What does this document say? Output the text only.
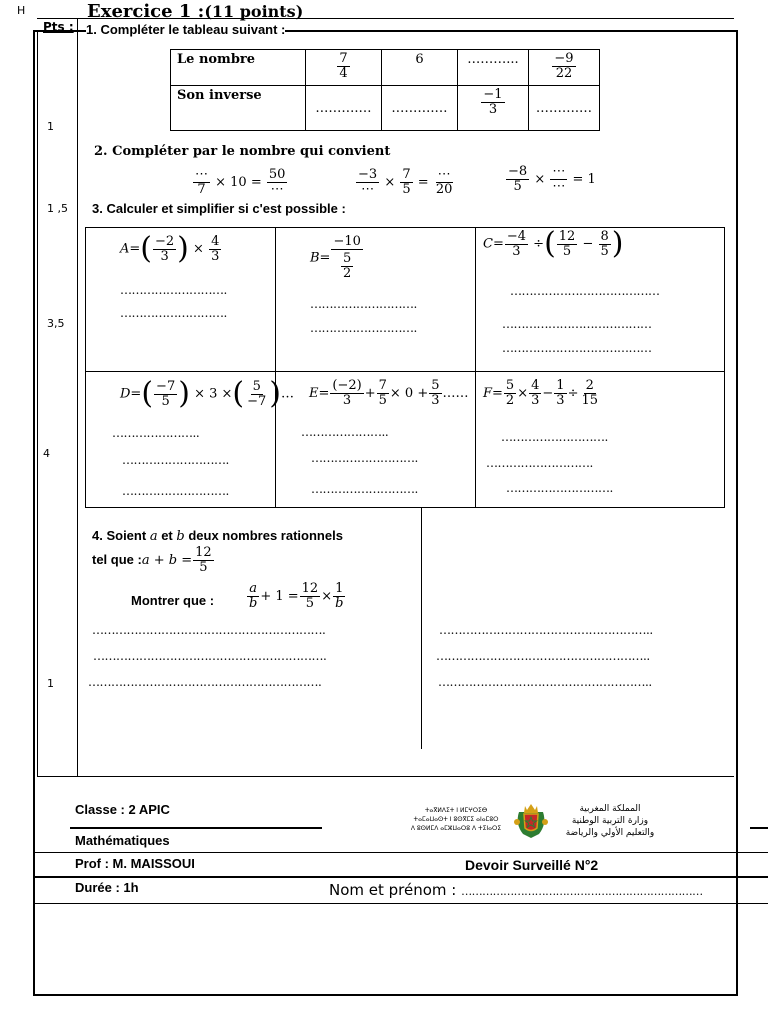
H
Pts :
Exercice 1 :(11 points)
1
1 ,5
3,5
4
1
1. Compléter le tableau suivant :
Le nombre	$\frac{7}{4}$	6	………...	$\frac{-9}{22}$

Son inverse	……….…	……….…	$\frac{-1}{3}$	……….…
2. Compléter par le nombre qui convient
$\frac{\cdots}{7} \times 10 = \frac{50}{\cdots}$	$\frac{-3}{\cdots} \times \frac{7}{5} = \frac{\cdots}{20}$	$\frac{-8}{5} \times \frac{\cdots}{\cdots} = 1$
3. Calculer et simplifier si c'est possible :
$A=( \frac{-2}{3}$ ) × $\frac{4}{3}$
……………………….
……………………….
$B= \frac{-10}{\frac{5}{2}}$
……………………….
……………………….
$C= \frac{-4}{3}$ ÷( $\frac{12}{5} - \frac{8}{5}$ )
…………………………………
…………………………………
…………………………………
$D=( \frac{-7}{5}$ ) × 3 ×( $\frac{5}{-7}$ )…
…………………..
……………………….
……………………….
$E= \frac{(-2)}{3} + \frac{7}{5} \times 0 + \frac{5}{3}$ ……
…………………..
……………………….
……………………….
$F= \frac{5}{2} \times \frac{4}{3} - \frac{1}{3} \div \frac{2}{15}$
……………………….
……………………….
……………………….
4. Soient a et b deux nombres rationnels
tel que :a + $b = \frac{12}{5}$
Montrer que :	$\frac{a}{b} + 1 = \frac{12}{5} \times \frac{1}{b}$
…………………………………………………….
…………………………………………………….
…………………………………………………….
………………………………………………..
………………………………………………..
………………………………………………..
Classe : 2 APIC
Mathématiques
Prof : M. MAISSOUI	Devoir Surveillé N°2
Durée : 1h	Nom et prénom : ……………………………………………………………
ⵜⴰⴳⵍⴷⵉⵜ ⵏ ⵍⵎⵖⵔⵉⴱ
ⵜⴰⵎⴰⵡⴰⵙⵜ ⵏ ⵓⵙⴳⵎⵉ ⴰⵏⴰⵎⵓⵔ
ⴷ ⵓⵙⵍⵎⴷ ⴰⵎⵣⵡⴰⵔⵓ ⴷ ⵜⵉⵏⴰⵔⵉ
المملكة المغربية
وزارة التربية الوطنية
والتعليم الأولي والرياضة
